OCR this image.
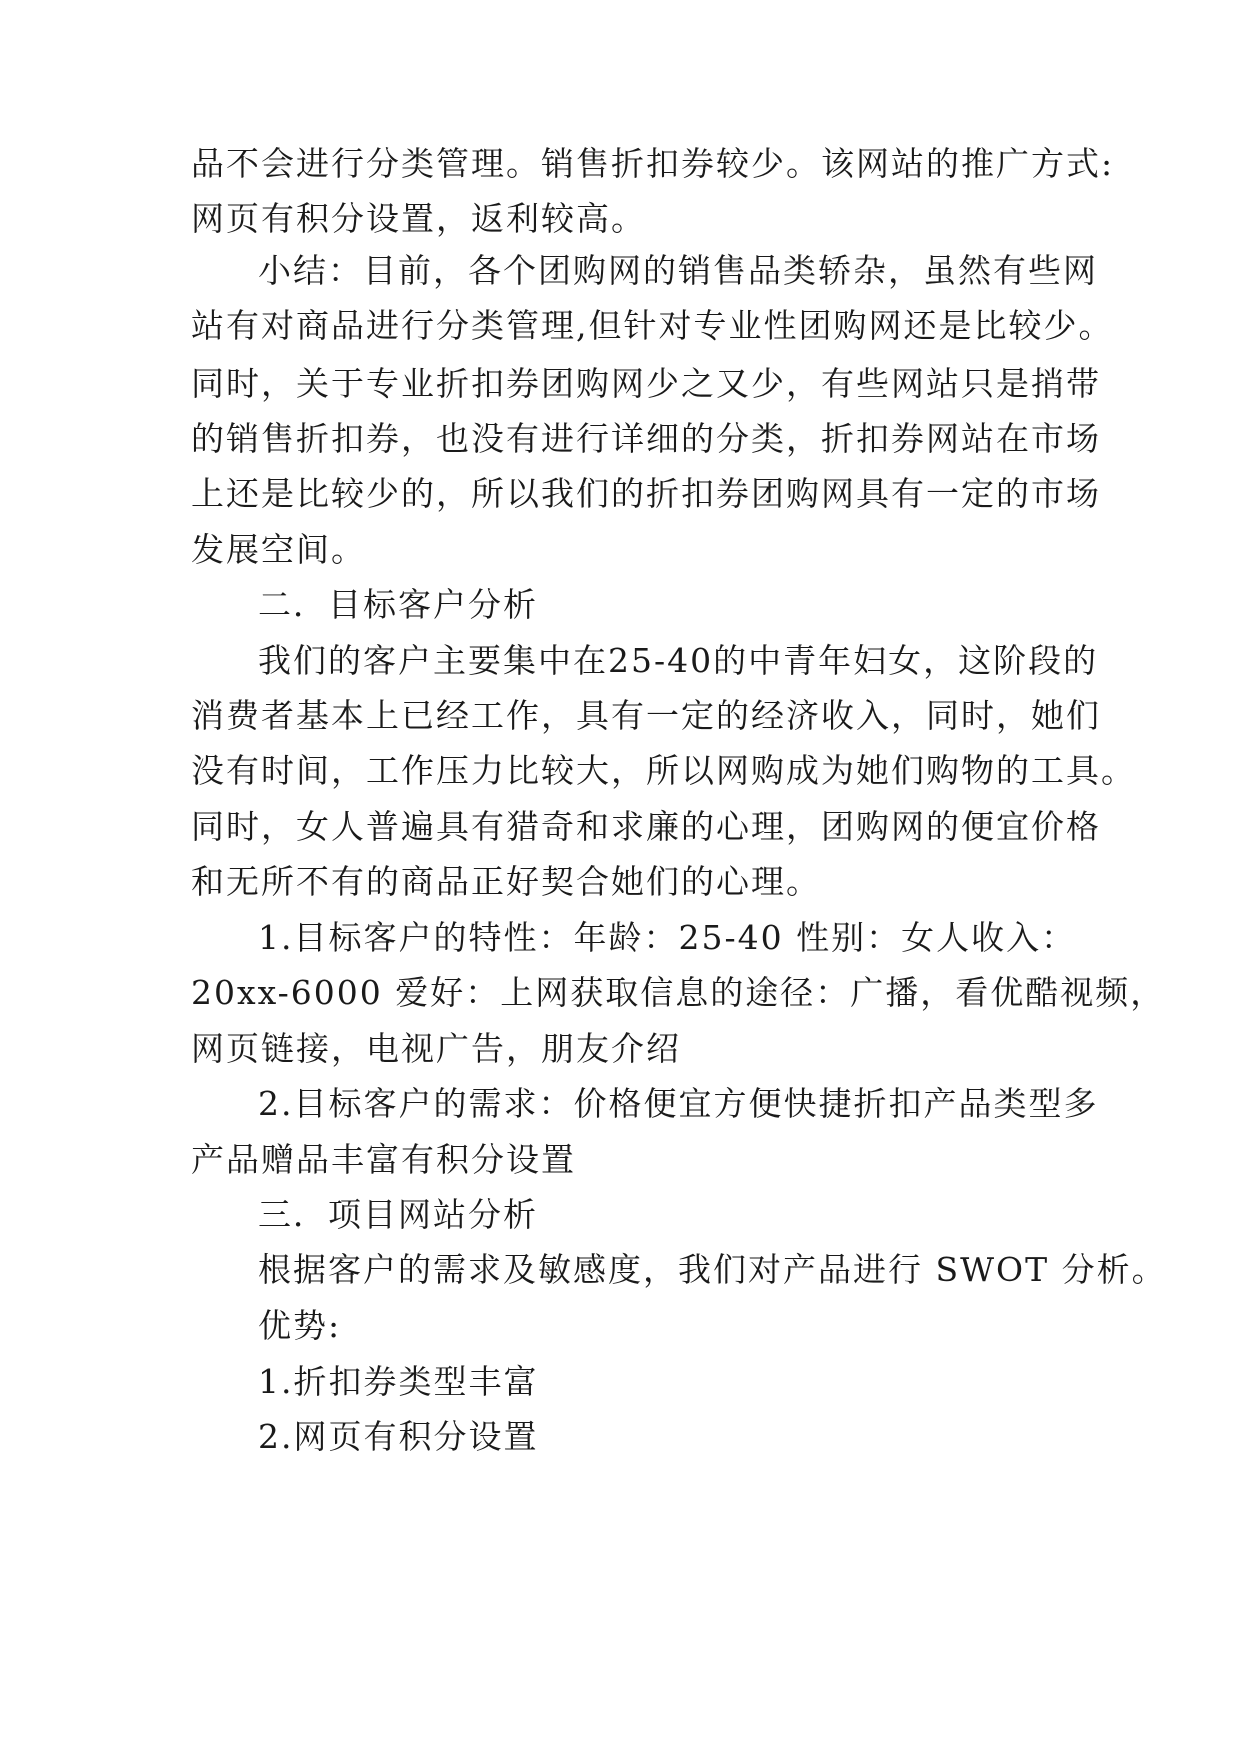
品不会进行分类管理。销售折扣券较少。该网站的推广方式:
网页有积分设置，返利较高。
小结：目前，各个团购网的销售品类轿杂，虽然有些网
站有对商品进行分类管理,但针对专业性团购网还是比较少。
同时，关于专业折扣券团购网少之又少，有些网站只是捎带
的销售折扣券，也没有进行详细的分类，折扣券网站在市场
上还是比较少的，所以我们的折扣券团购网具有一定的市场
发展空间。
二．目标客户分析
我们的客户主要集中在25-40的中青年妇女，这阶段的
消费者基本上已经工作，具有一定的经济收入，同时，她们
没有时间，工作压力比较大，所以网购成为她们购物的工具。
同时，女人普遍具有猎奇和求廉的心理，团购网的便宜价格
和无所不有的商品正好契合她们的心理。
1.目标客户的特性：年龄：25-40 性别：女人收入：
20xx-6000 爱好：上网获取信息的途径：广播，看优酷视频，
网页链接，电视广告，朋友介绍
2.目标客户的需求：价格便宜方便快捷折扣产品类型多
产品赠品丰富有积分设置
三．项目网站分析
根据客户的需求及敏感度，我们对产品进行 SWOT 分析。
优势:
1.折扣券类型丰富
2.网页有积分设置
